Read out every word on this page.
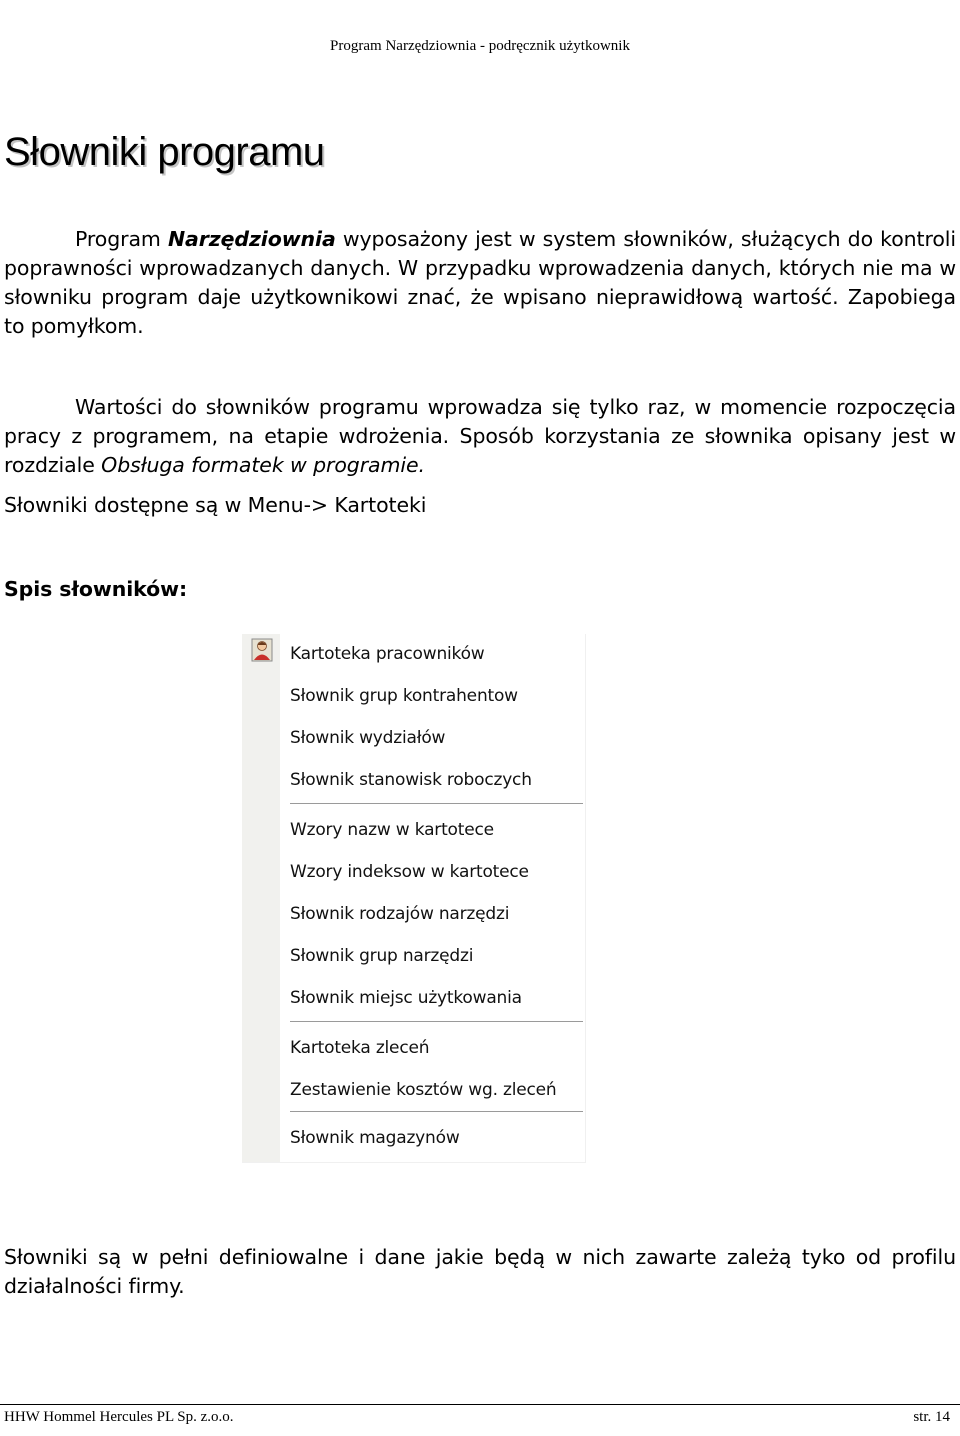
Program Narzędziownia - podręcznik użytkownik
Słowniki programu

Program Narzędziownia wyposażony jest w system słowników, służących do kontroli poprawności wprowadzanych danych. W przypadku wprowadzenia danych, których nie ma w słowniku program daje użytkownikowi znać, że wpisano nieprawidłową wartość. Zapobiega to pomyłkom.

Wartości do słowników programu wprowadza się tylko raz, w momencie rozpoczęcia pracy z programem, na etapie wdrożenia. Sposób korzystania ze słownika opisany jest w rozdziale Obsługa formatek w programie.

Słowniki dostępne są w Menu-> Kartoteki

Spis słowników:

Kartoteka pracowników
Słownik grup kontrahentow
Słownik wydziałów
Słownik stanowisk roboczych
Wzory nazw w kartotece
Wzory indeksow w kartotece
Słownik rodzajów narzędzi
Słownik grup narzędzi
Słownik miejsc użytkowania
Kartoteka zleceń
Zestawienie kosztów wg. zleceń
Słownik magazynów

Słowniki są w pełni definiowalne i dane jakie będą w nich zawarte zależą tyko od profilu działalności firmy.

HHW Hommel Hercules PL Sp. z.o.o.	str. 14
